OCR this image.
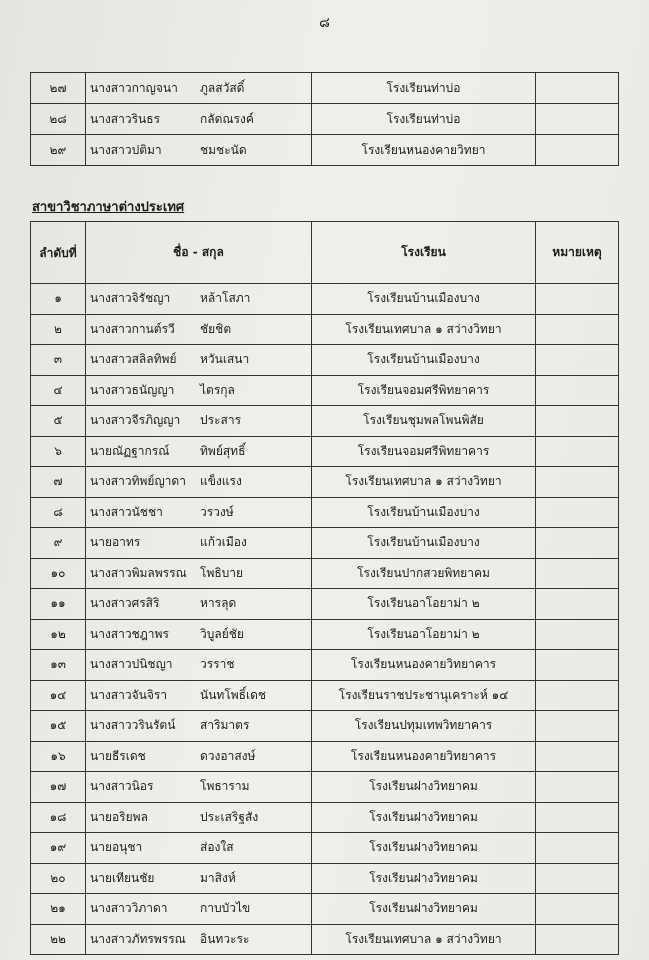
๘
๒๗	นางสาวกาญจนา ภูลสวัสดิ์	โรงเรียนท่าบ่อ	
๒๘	นางสาวรินธร กลัดณรงค์	โรงเรียนท่าบ่อ	
๒๙	นางสาวปติมา ชมชะนัด	โรงเรียนหนองคายวิทยา	
สาขาวิชาภาษาต่างประเทศ
ลำดับที่	ชื่อ - สกุล	โรงเรียน	หมายเหตุ
๑	นางสาวจิรัชญา หล้าโสภา	โรงเรียนบ้านเมืองบาง	
๒	นางสาวกานต์รวี ชัยชิต	โรงเรียนเทศบาล ๑ สว่างวิทยา	
๓	นางสาวสลิลทิพย์ หวันเสนา	โรงเรียนบ้านเมืองบาง	
๔	นางสาวธนัญญา ไตรกุล	โรงเรียนจอมศรีพิทยาคาร	
๕	นางสาวจีรภิญญา ประสาร	โรงเรียนชุมพลโพนพิสัย	
๖	นายณัฏฐากรณ์ ทิพย์สุทธิ์	โรงเรียนจอมศรีพิทยาคาร	
๗	นางสาวทิพย์ญาดา แข็งแรง	โรงเรียนเทศบาล ๑ สว่างวิทยา	
๘	นางสาวนัชชา วรวงษ์	โรงเรียนบ้านเมืองบาง	
๙	นายอาทร แก้วเมือง	โรงเรียนบ้านเมืองบาง	
๑๐	นางสาวพิมลพรรณ โพธิบาย	โรงเรียนปากสวยพิทยาคม	
๑๑	นางสาวศรสิริ หารลุด	โรงเรียนอาโอยาม่า ๒	
๑๒	นางสาวชฎาพร วิบูลย์ชัย	โรงเรียนอาโอยาม่า ๒	
๑๓	นางสาวปนิชญา วรราช	โรงเรียนหนองคายวิทยาคาร	
๑๔	นางสาวจันจิรา นันทโพธิ์เดช	โรงเรียนราชประชานุเคราะห์ ๑๔	
๑๕	นางสาววรินรัตน์ สาริมาตร	โรงเรียนปทุมเทพวิทยาคาร	
๑๖	นายธีรเดช ดวงอาสงษ์	โรงเรียนหนองคายวิทยาคาร	
๑๗	นางสาวนิอร โพธาราม	โรงเรียนฝางวิทยาคม	
๑๘	นายอริยพล ประเสริฐสัง	โรงเรียนฝางวิทยาคม	
๑๙	นายอนุชา ส่องใส	โรงเรียนฝางวิทยาคม	
๒๐	นายเทียนชัย มาสิงห์	โรงเรียนฝางวิทยาคม	
๒๑	นางสาววิภาดา กาบบัวไข	โรงเรียนฝางวิทยาคม	
๒๒	นางสาวภัทรพรรณ อินทวะระ	โรงเรียนเทศบาล ๑ สว่างวิทยา	
